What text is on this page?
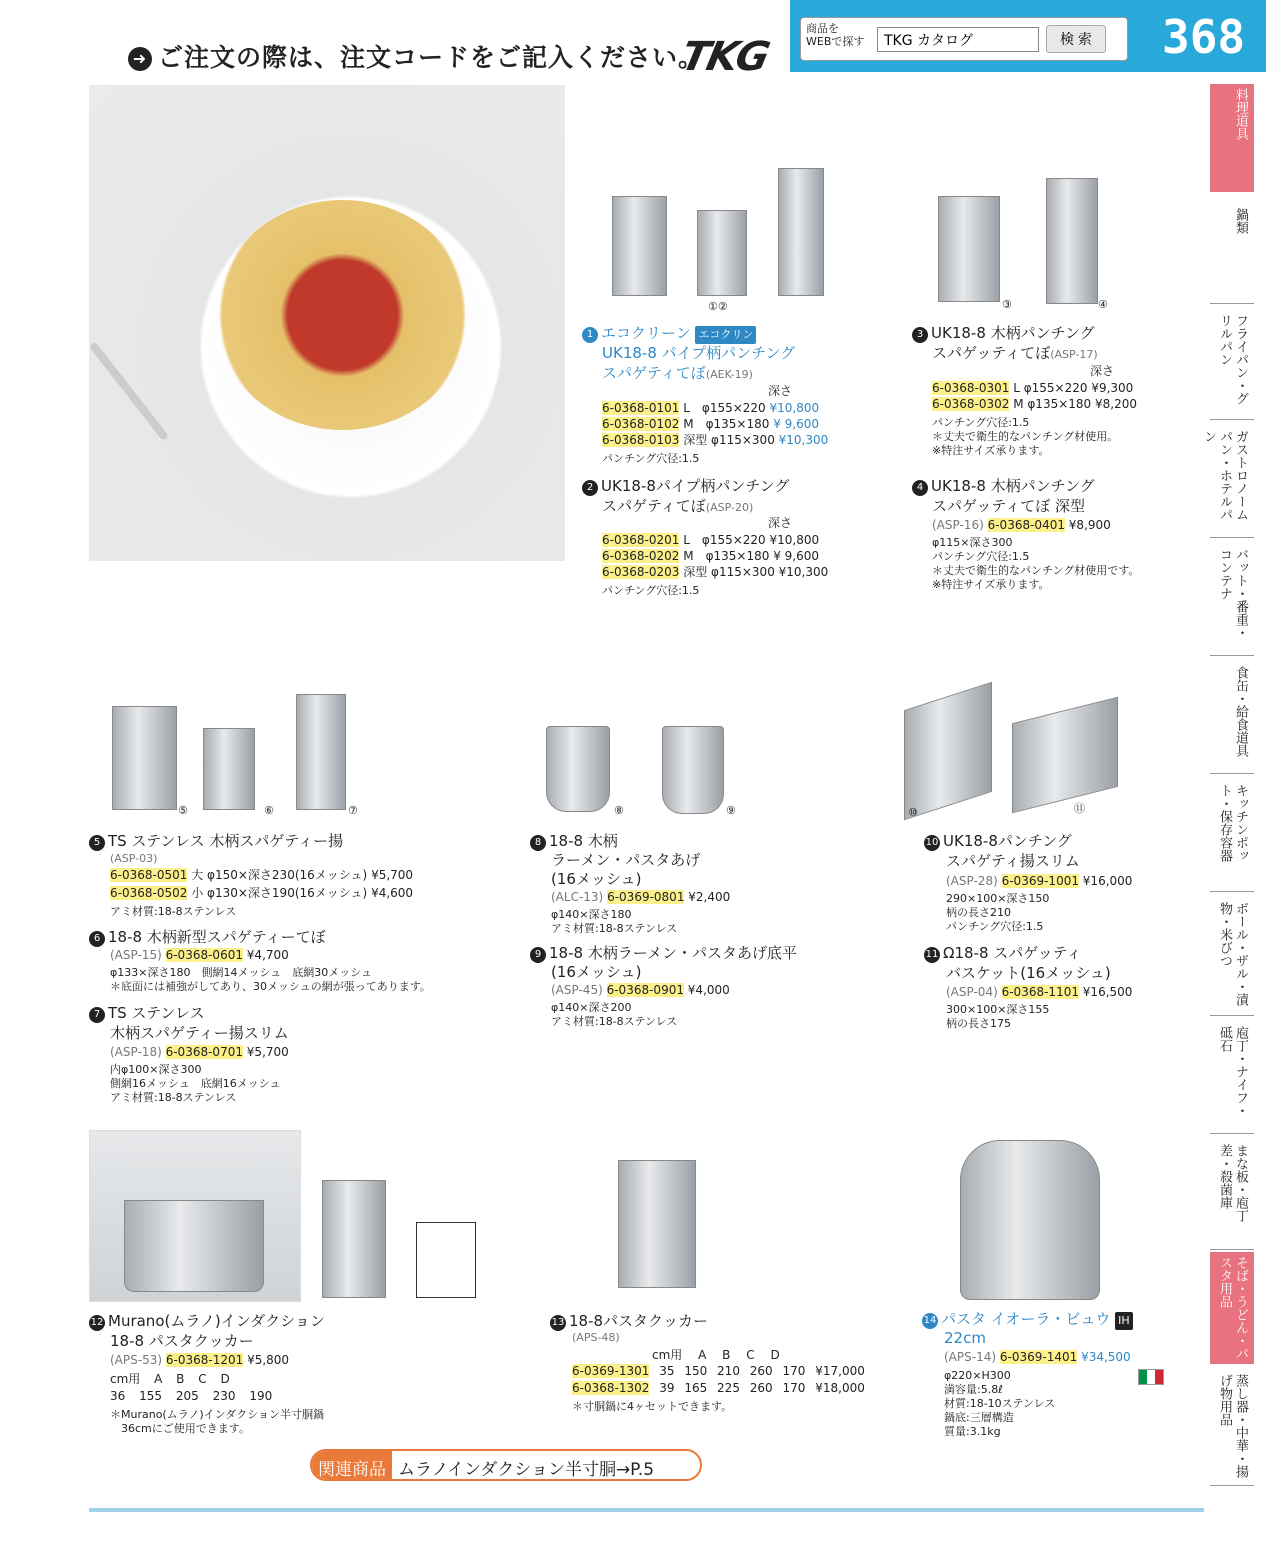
➜ ご注文の際は、注文コードをご記入ください。
TKG
商品を
WEBで探す
TKG カタログ	検 索	368
料理道具
鍋類
フライパン・グリルパン
ガストロノームパン・ホテルパン
バット・番重・コンテナ
食缶・給食道具
キッチンポット・保存容器
ボール・ザル・漬物・米びつ
庖丁・ナイフ・砥石
まな板・庖丁差・殺菌庫
そば・うどん・パスタ用品
蒸し器・中華・揚げ物用品
①②	③	④
1 エコクリーン エコクリン
UK18-8 パイプ柄パンチング
スパゲティてぼ(AEK-19)
深さ
6-0368-0101 L　 φ155×220 ¥10,800
6-0368-0102 M　 φ135×180 ¥ 9,600
6-0368-0103 深型 φ115×300 ¥10,300
パンチング穴径:1.5
2 UK18-8パイプ柄パンチング
スパゲティてぼ(ASP-20)
深さ
6-0368-0201 L　 φ155×220 ¥10,800
6-0368-0202 M　 φ135×180 ¥ 9,600
6-0368-0203 深型 φ115×300 ¥10,300
パンチング穴径:1.5
3 UK18-8 木柄パンチング
スパゲッティてぼ(ASP-17)
深さ
6-0368-0301 L φ155×220 ¥9,300
6-0368-0302 M φ135×180 ¥8,200
パンチング穴径:1.5
＊丈夫で衛生的なパンチング材使用。
※特注サイズ承ります。
4 UK18-8 木柄パンチング
スパゲッティてぼ 深型
(ASP-16) 6-0368-0401 ¥8,900
φ115×深さ300
パンチング穴径:1.5
＊丈夫で衛生的なパンチング材使用です。
※特注サイズ承ります。
⑤	⑥	⑦	⑧	⑨	⑩	⑪
5 TS ステンレス 木柄スパゲティー揚
(ASP-03)
6-0368-0501 大 φ150×深さ230(16メッシュ) ¥5,700
6-0368-0502 小 φ130×深さ190(16メッシュ) ¥4,600
アミ材質:18-8ステンレス
6 18-8 木柄新型スパゲティーてぼ
(ASP-15) 6-0368-0601 ¥4,700
φ133×深さ180　側網14メッシュ　底網30メッシュ
＊底面には補強がしてあり、30メッシュの網が張ってあります。
7 TS ステンレス
木柄スパゲティー揚スリム
(ASP-18) 6-0368-0701 ¥5,700
内φ100×深さ300
側網16メッシュ　底網16メッシュ
アミ材質:18-8ステンレス
8 18-8 木柄
ラーメン・パスタあげ
(16メッシュ)
(ALC-13) 6-0369-0801 ¥2,400
φ140×深さ180
アミ材質:18-8ステンレス
9 18-8 木柄ラーメン・パスタあげ底平
(16メッシュ)
(ASP-45) 6-0368-0901 ¥4,000
φ140×深さ200
アミ材質:18-8ステンレス
10 UK18-8パンチング
スパゲティ揚スリム
(ASP-28) 6-0369-1001 ¥16,000
290×100×深さ150
柄の長さ210
パンチング穴径:1.5
11 Ω18-8 スパゲッティ
バスケット(16メッシュ)
(ASP-04) 6-0368-1101 ¥16,500
300×100×深さ155
柄の長さ175
12 Murano(ムラノ)インダクション
18-8 パスタクッカー
(APS-53) 6-0368-1201 ¥5,800
cm用 A B C D
36 155 205 230 190
＊Murano(ムラノ)インダクション半寸胴鍋
　36cmにご使用できます。
13 18-8パスタクッカー
(APS-48)
cm用 A B C D
6-0369-1301 35 150 210 260 170 ¥17,000
6-0368-1302 39 165 225 260 170 ¥18,000
＊寸胴鍋に4ヶセットできます。
14 パスタ イオーラ・ビュウ IH
22cm
(APS-14) 6-0369-1401 ¥34,500
φ220×H300
満容量:5.8ℓ
材質:18-10ステンレス
鍋底:三層構造
質量:3.1kg
関連商品 ムラノインダクション半寸胴→P.5
